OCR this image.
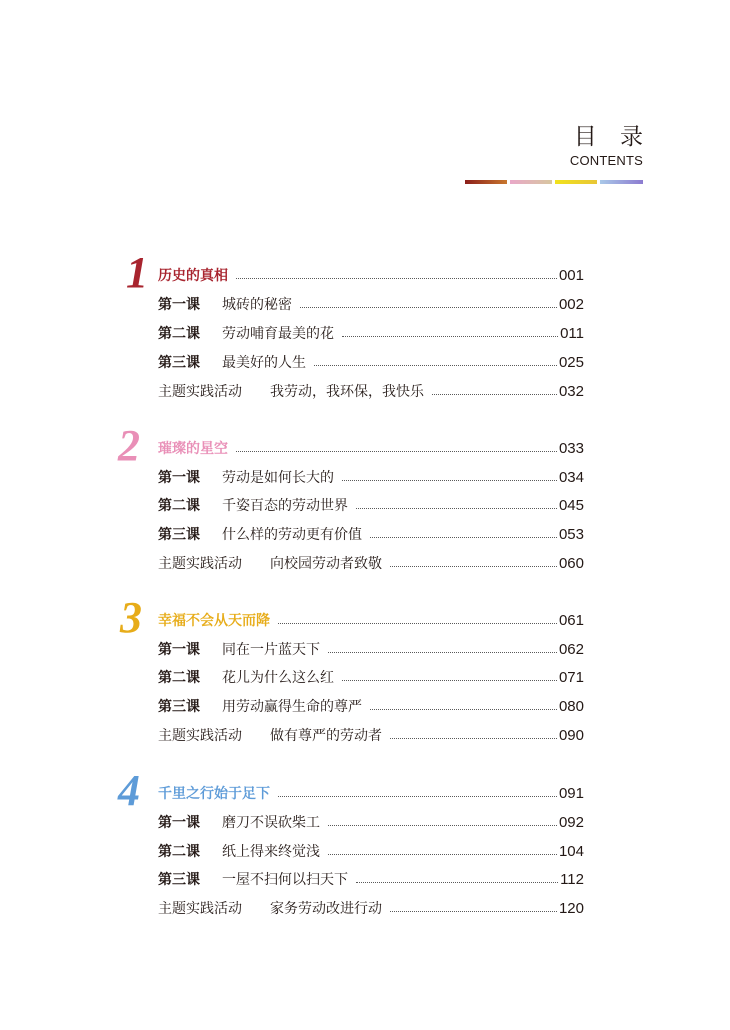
目 录
CONTENTS
1 历史的真相	001
第一课	城砖的秘密	002
第二课	劳动哺育最美的花	011
第三课	最美好的人生	025
主题实践活动	我劳动，我环保，我快乐	032
2 璀璨的星空	033
第一课	劳动是如何长大的	034
第二课	千姿百态的劳动世界	045
第三课	什么样的劳动更有价值	053
主题实践活动	向校园劳动者致敬	060
3 幸福不会从天而降	061
第一课	同在一片蓝天下	062
第二课	花儿为什么这么红	071
第三课	用劳动赢得生命的尊严	080
主题实践活动	做有尊严的劳动者	090
4 千里之行始于足下	091
第一课	磨刀不误砍柴工	092
第二课	纸上得来终觉浅	104
第三课	一屋不扫何以扫天下	112
主题实践活动	家务劳动改进行动	120
